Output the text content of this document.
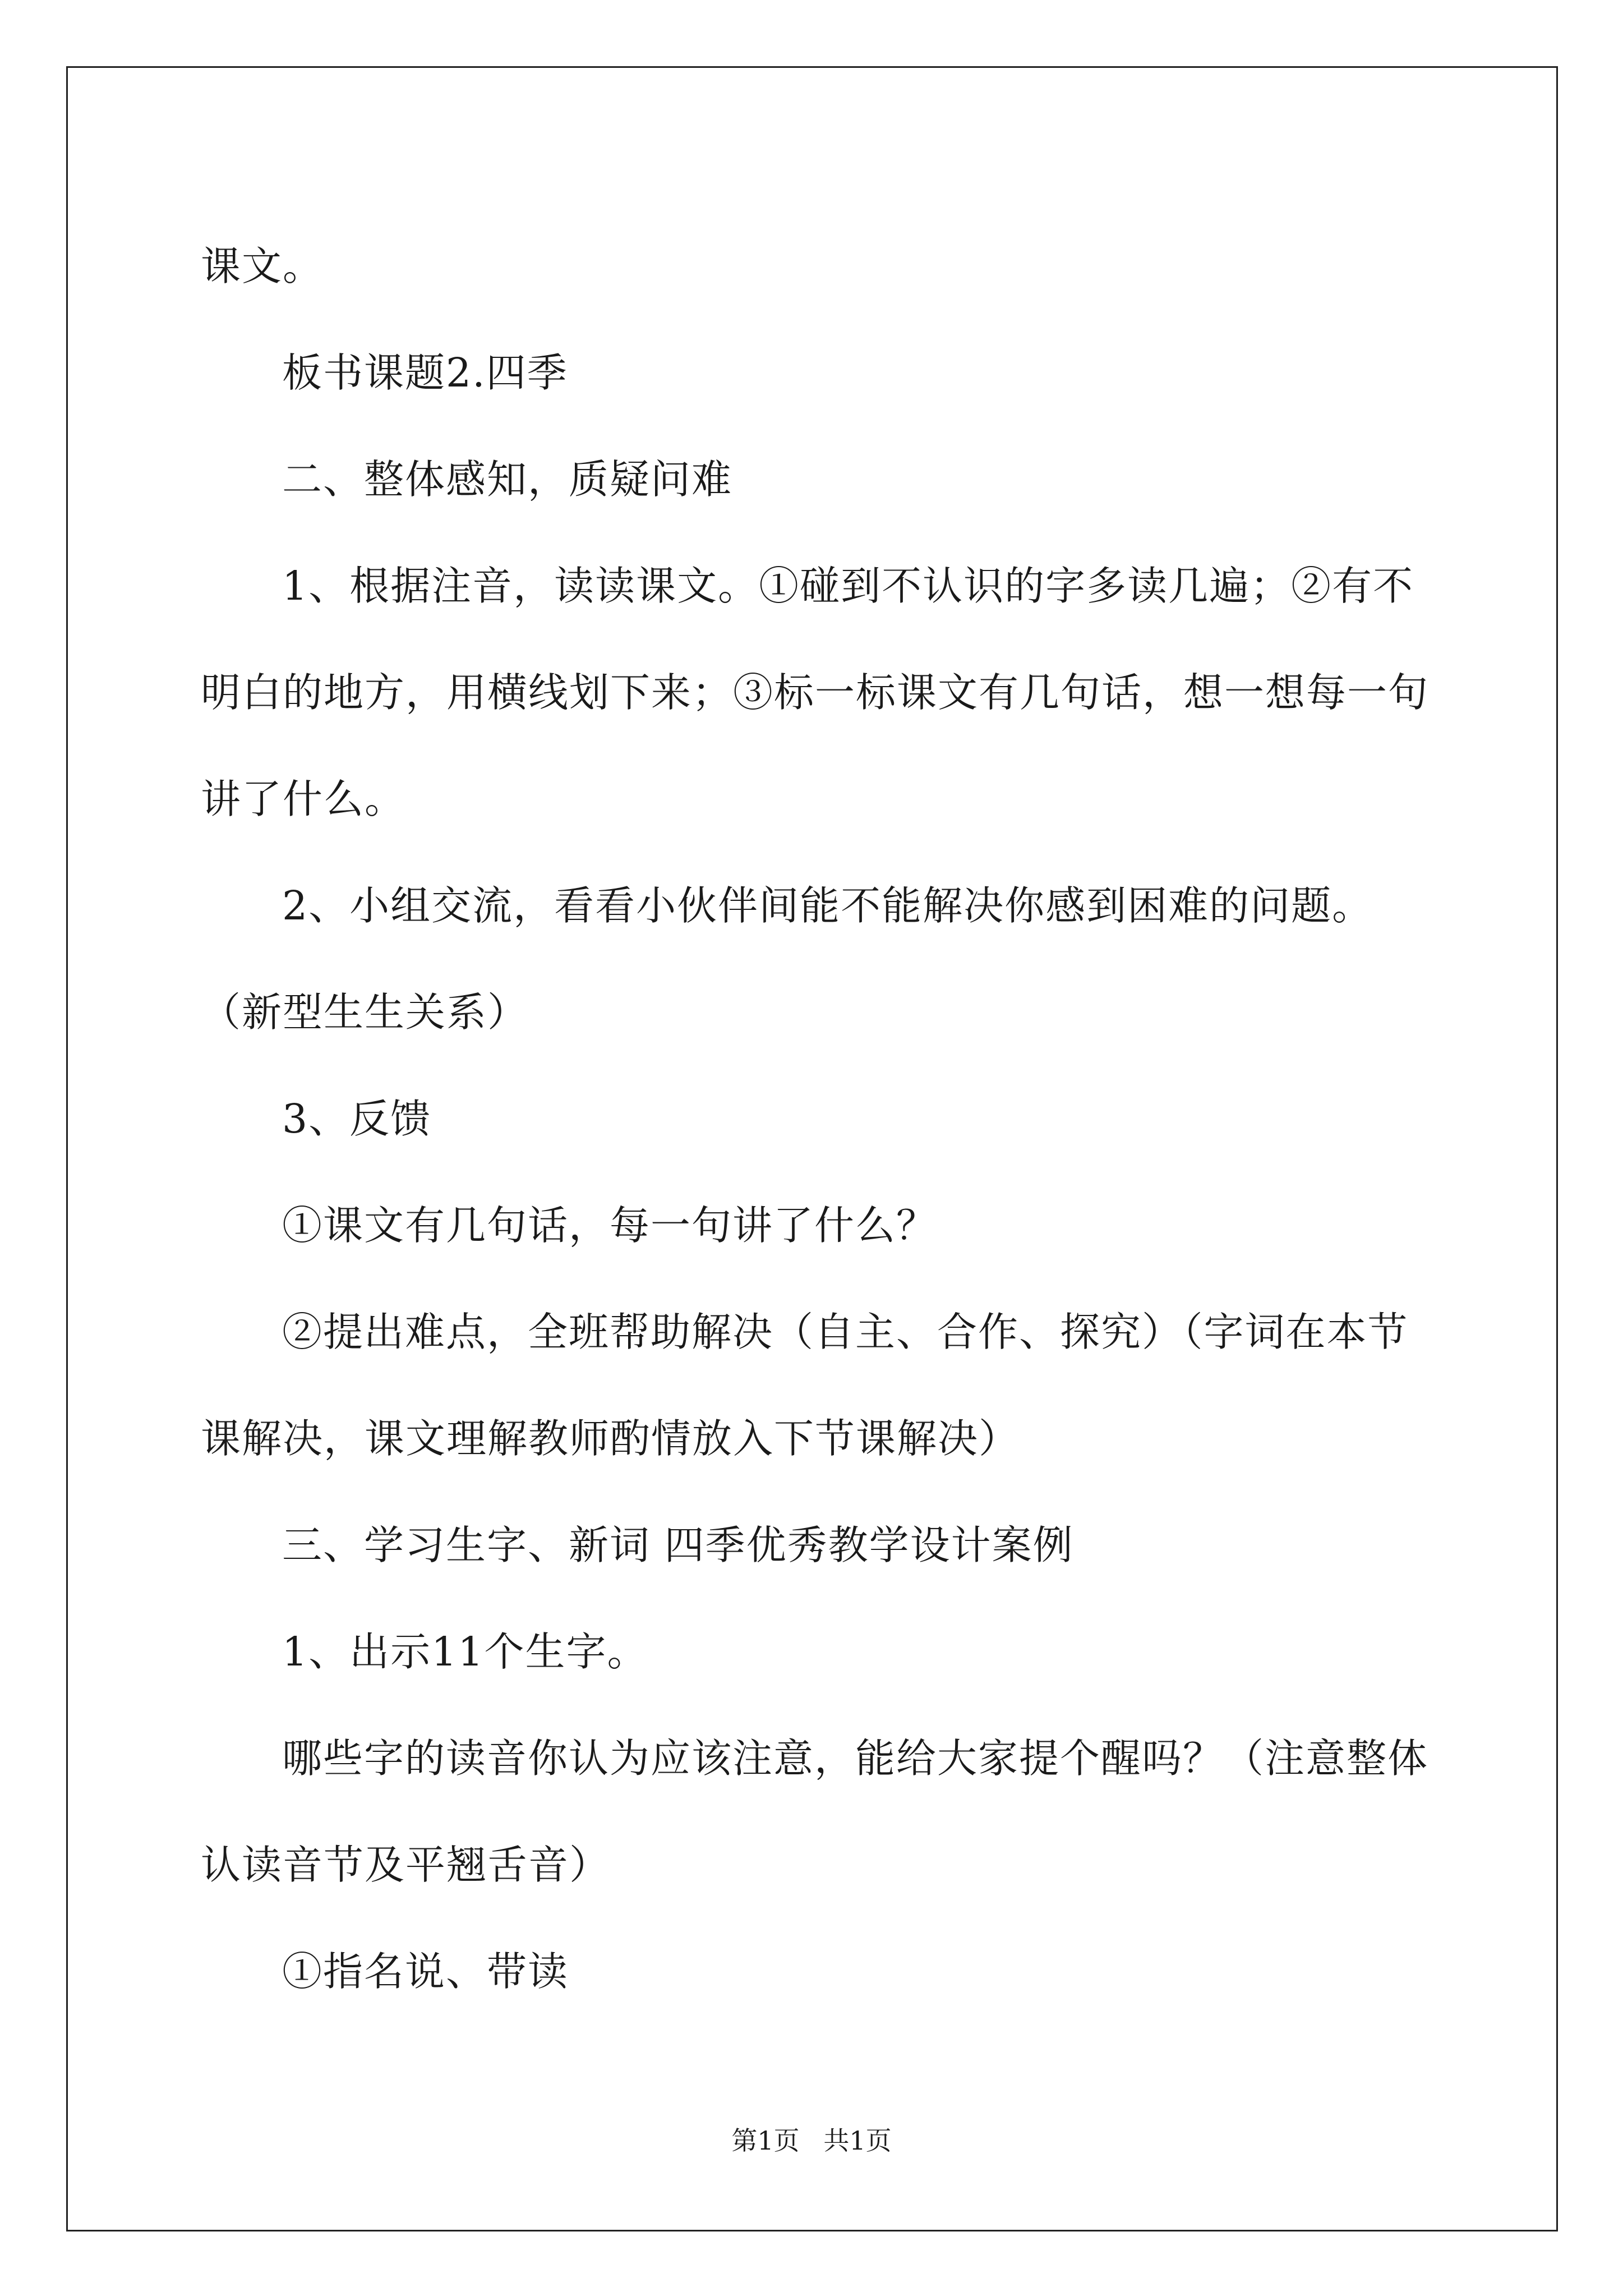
课文。

板书课题2.四季

二、整体感知，质疑问难

1、根据注音，读读课文。①碰到不认识的字多读几遍；②有不明白的地方，用横线划下来；③标一标课文有几句话，想一想每一句讲了什么。

2、小组交流，看看小伙伴间能不能解决你感到困难的问题。（新型生生关系）

3、反馈

①课文有几句话，每一句讲了什么？

②提出难点，全班帮助解决（自主、合作、探究）（字词在本节课解决，课文理解教师酌情放入下节课解决）

三、学习生字、新词 四季优秀教学设计案例

1、出示11个生字。

哪些字的读音你认为应该注意，能给大家提个醒吗？（注意整体认读音节及平翘舌音）

①指名说、带读

第1页 共1页
